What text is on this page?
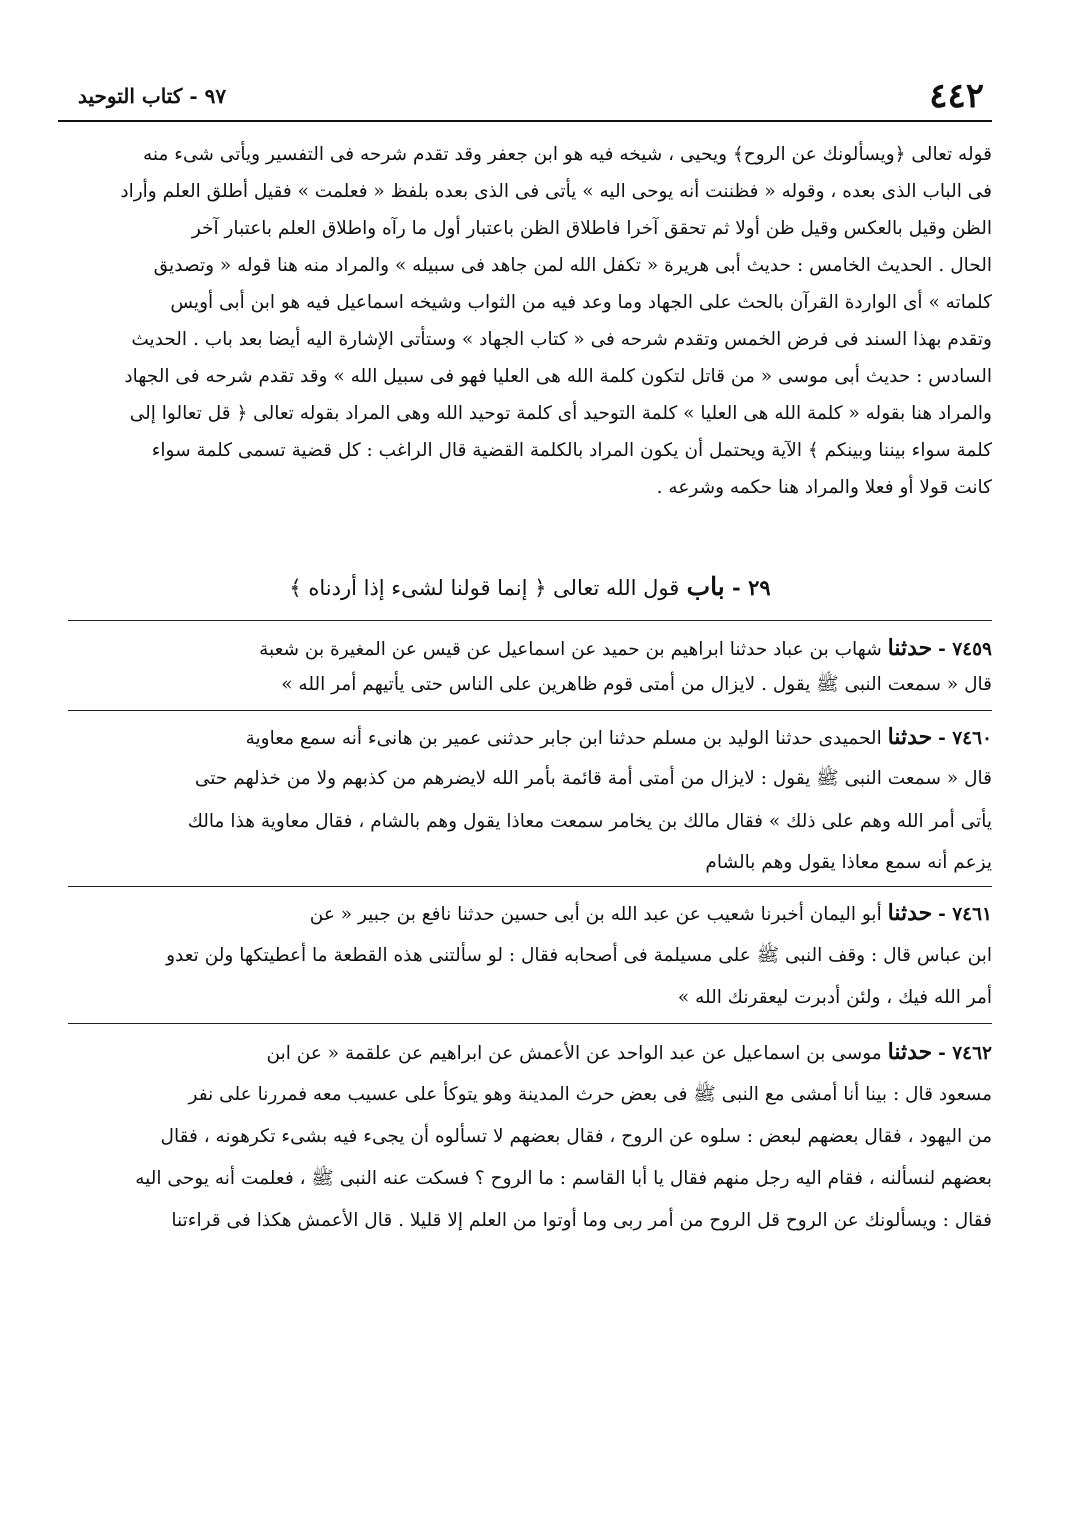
٤٤٢
٩٧ - كتاب التوحيد
قوله تعالى ﴿ويسألونك عن الروح﴾ ويحيى ، شيخه فيه هو ابن جعفر وقد تقدم شرحه فى التفسير ويأتى شىء منه
فى الباب الذى بعده ، وقوله « فظننت أنه يوحى اليه » يأتى فى الذى بعده بلفظ « فعلمت » فقيل أطلق العلم وأراد
الظن وقيل بالعكس وقيل ظن أولا ثم تحقق آخرا فاطلاق الظن باعتبار أول ما رآه واطلاق العلم باعتبار آخر
الحال . الحديث الخامس : حديث أبى هريرة « تكفل الله لمن جاهد فى سبيله » والمراد منه هنا قوله « وتصديق
كلماته » أى الواردة القرآن بالحث على الجهاد وما وعد فيه من الثواب وشيخه اسماعيل فيه هو ابن أبى أويس
وتقدم بهذا السند فى فرض الخمس وتقدم شرحه فى « كتاب الجهاد » وستأتى الإشارة اليه أيضا بعد باب . الحديث
السادس : حديث أبى موسى « من قاتل لتكون كلمة الله هى العليا فهو فى سبيل الله » وقد تقدم شرحه فى الجهاد
والمراد هنا بقوله « كلمة الله هى العليا » كلمة التوحيد أى كلمة توحيد الله وهى المراد بقوله تعالى ﴿ قل تعالوا إلى
كلمة سواء بيننا وبينكم ﴾ الآية ويحتمل أن يكون المراد بالكلمة القضية قال الراغب : كل قضية تسمى كلمة سواء
كانت قولا أو فعلا والمراد هنا حكمه وشرعه .
٢٩ - باب قول الله تعالى ﴿ إنما قولنا لشىء إذا أردناه ﴾
٧٤٥٩ - حدثنا شهاب بن عباد حدثنا ابراهيم بن حميد عن اسماعيل عن قيس عن المغيرة بن شعبة
قال « سمعت النبى ﷺ يقول . لايزال من أمتى قوم ظاهرين على الناس حتى يأتيهم أمر الله »
٧٤٦٠ - حدثنا الحميدى حدثنا الوليد بن مسلم حدثنا ابن جابر حدثنى عمير بن هانىء أنه سمع معاوية
قال « سمعت النبى ﷺ يقول : لايزال من أمتى أمة قائمة بأمر الله لايضرهم من كذبهم ولا من خذلهم حتى
يأتى أمر الله وهم على ذلك » فقال مالك بن يخامر سمعت معاذا يقول وهم بالشام ، فقال معاوية هذا مالك
يزعم أنه سمع معاذا يقول وهم بالشام
٧٤٦١ - حدثنا أبو اليمان أخبرنا شعيب عن عبد الله بن أبى حسين حدثنا نافع بن جبير « عن
ابن عباس قال : وقف النبى ﷺ على مسيلمة فى أصحابه فقال : لو سألتنى هذه القطعة ما أعطيتكها ولن تعدو
أمر الله فيك ، ولئن أدبرت ليعقرنك الله »
٧٤٦٢ - حدثنا موسى بن اسماعيل عن عبد الواحد عن الأعمش عن ابراهيم عن علقمة « عن ابن
مسعود قال : بينا أنا أمشى مع النبى ﷺ فى بعض حرث المدينة وهو يتوكأ على عسيب معه فمررنا على نفر
من اليهود ، فقال بعضهم لبعض : سلوه عن الروح ، فقال بعضهم لا تسألوه أن يجىء فيه بشىء تكرهونه ، فقال
بعضهم لنسألنه ، فقام اليه رجل منهم فقال يا أبا القاسم : ما الروح ؟ فسكت عنه النبى ﷺ ، فعلمت أنه يوحى اليه
فقال : ويسألونك عن الروح قل الروح من أمر ربى وما أوتوا من العلم إلا قليلا . قال الأعمش هكذا فى قراءتنا
